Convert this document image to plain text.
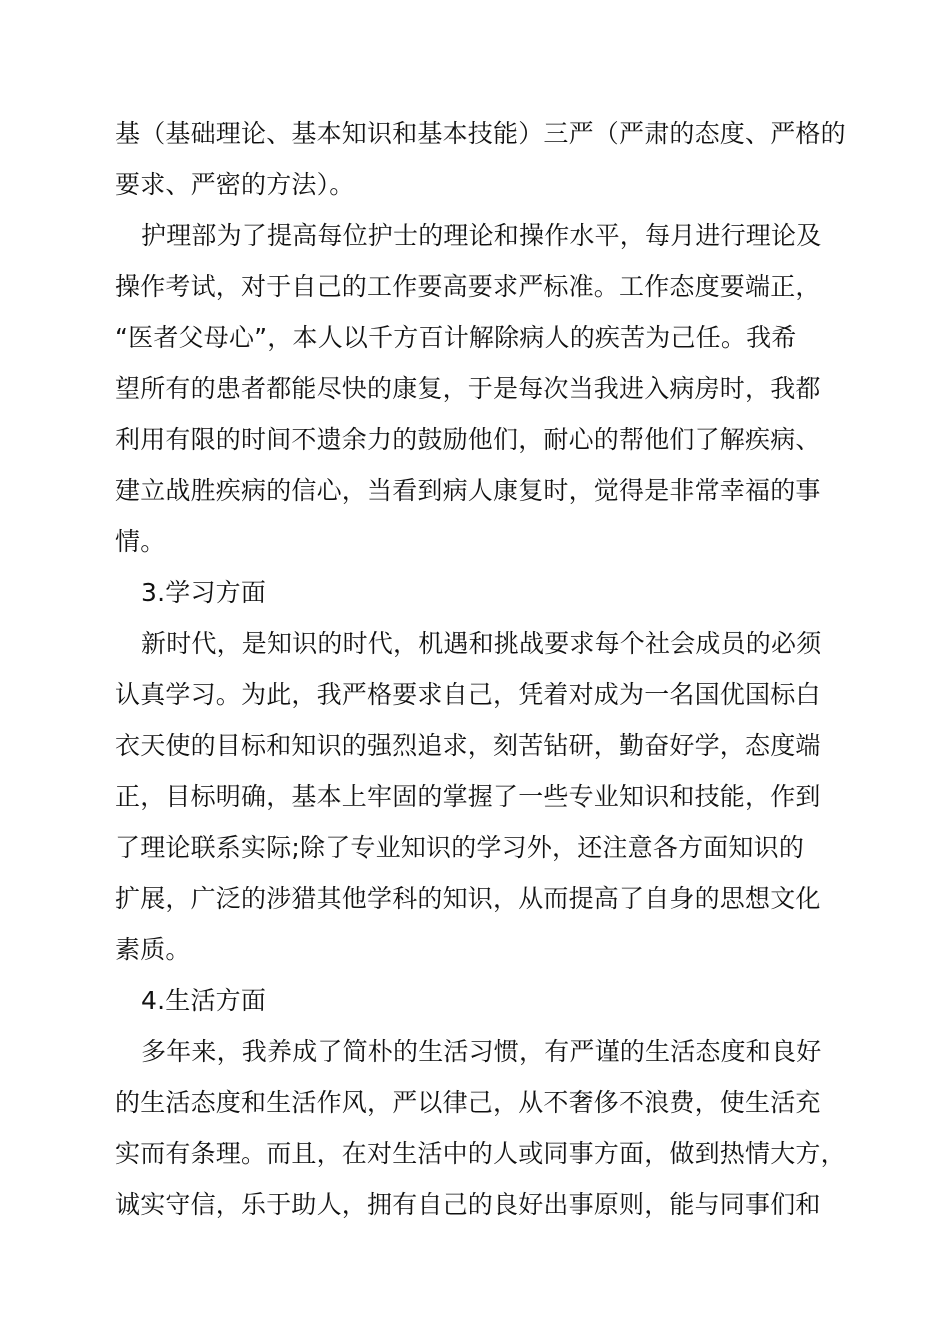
基（基础理论、基本知识和基本技能）三严（严肃的态度、严格的
要求、严密的方法）。
护理部为了提高每位护士的理论和操作水平，每月进行理论及
操作考试，对于自己的工作要高要求严标准。工作态度要端正，
“医者父母心”，本人以千方百计解除病人的疾苦为己任。我希
望所有的患者都能尽快的康复，于是每次当我进入病房时，我都
利用有限的时间不遗余力的鼓励他们，耐心的帮他们了解疾病、
建立战胜疾病的信心，当看到病人康复时，觉得是非常幸福的事
情。
3.学习方面
新时代，是知识的时代，机遇和挑战要求每个社会成员的必须
认真学习。为此，我严格要求自己，凭着对成为一名国优国标白
衣天使的目标和知识的强烈追求，刻苦钻研，勤奋好学，态度端
正，目标明确，基本上牢固的掌握了一些专业知识和技能，作到
了理论联系实际;除了专业知识的学习外，还注意各方面知识的
扩展，广泛的涉猎其他学科的知识，从而提高了自身的思想文化
素质。
4.生活方面
多年来，我养成了简朴的生活习惯，有严谨的生活态度和良好
的生活态度和生活作风，严以律己，从不奢侈不浪费，使生活充
实而有条理。而且，在对生活中的人或同事方面，做到热情大方，
诚实守信，乐于助人，拥有自己的良好出事原则，能与同事们和
